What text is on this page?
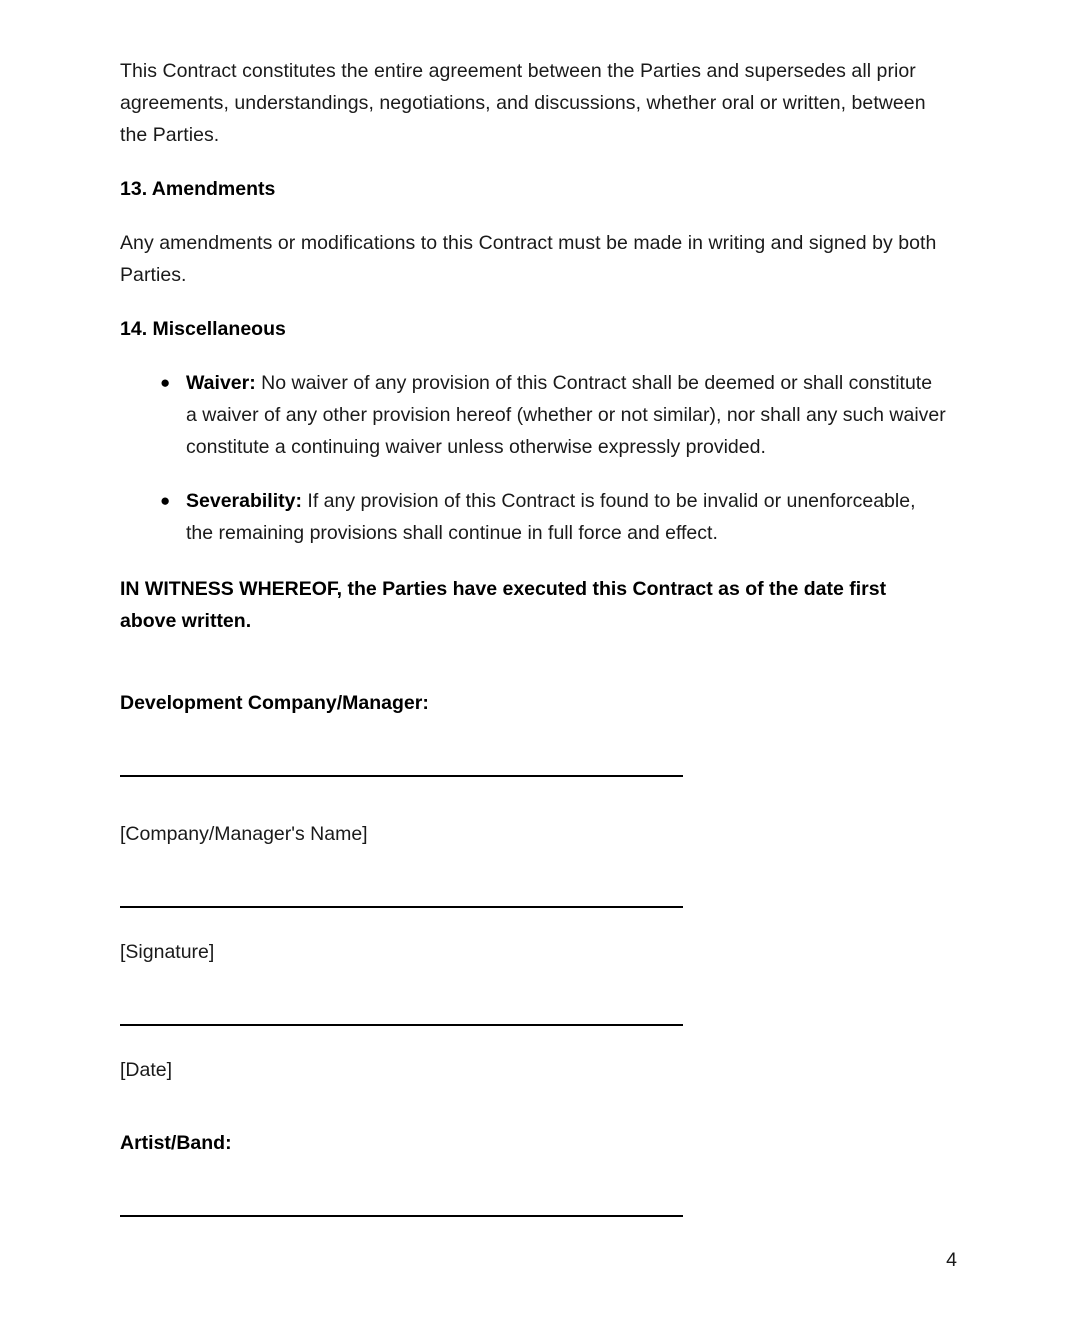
This Contract constitutes the entire agreement between the Parties and supersedes all prior agreements, understandings, negotiations, and discussions, whether oral or written, between the Parties.

13. Amendments

Any amendments or modifications to this Contract must be made in writing and signed by both Parties.

14. Miscellaneous
● Waiver: No waiver of any provision of this Contract shall be deemed or shall constitute a waiver of any other provision hereof (whether or not similar), nor shall any such waiver constitute a continuing waiver unless otherwise expressly provided.
● Severability: If any provision of this Contract is found to be invalid or unenforceable, the remaining provisions shall continue in full force and effect.

IN WITNESS WHEREOF, the Parties have executed this Contract as of the date first above written.

Development Company/Manager:

[Company/Manager's Name]

[Signature]

[Date]

Artist/Band:
4
